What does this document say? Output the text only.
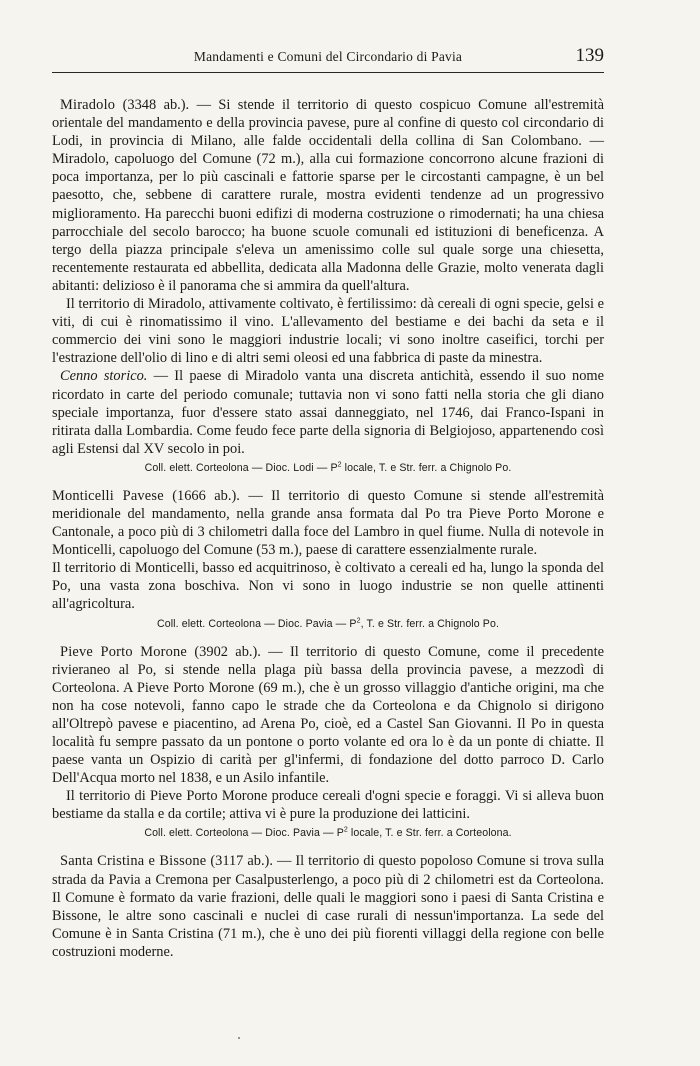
Mandamenti e Comuni del Circondario di Pavia	139

Miradolo (3348 ab.). — Si stende il territorio di questo cospicuo Comune all'estremità orientale del mandamento e della provincia pavese, pure al confine di questo col circondario di Lodi, in provincia di Milano, alle falde occidentali della collina di San Colombano. — Miradolo, capoluogo del Comune (72 m.), alla cui formazione concorrono alcune frazioni di poca importanza, per lo più cascinali e fattorie sparse per le circostanti campagne, è un bel paesotto, che, sebbene di carattere rurale, mostra evidenti tendenze ad un progressivo miglioramento. Ha parecchi buoni edifizi di moderna costruzione o rimodernati; ha una chiesa parrocchiale del secolo barocco; ha buone scuole comunali ed istituzioni di beneficenza. A tergo della piazza principale s'eleva un amenissimo colle sul quale sorge una chiesetta, recentemente restaurata ed abbellita, dedicata alla Madonna delle Grazie, molto venerata dagli abitanti: delizioso è il panorama che si ammira da quell'altura.

Il territorio di Miradolo, attivamente coltivato, è fertilissimo: dà cereali di ogni specie, gelsi e viti, di cui è rinomatissimo il vino. L'allevamento del bestiame e dei bachi da seta e il commercio dei vini sono le maggiori industrie locali; vi sono inoltre caseifici, torchi per l'estrazione dell'olio di lino e di altri semi oleosi ed una fabbrica di paste da minestra.

Cenno storico. — Il paese di Miradolo vanta una discreta antichità, essendo il suo nome ricordato in carte del periodo comunale; tuttavia non vi sono fatti nella storia che gli diano speciale importanza, fuor d'essere stato assai danneggiato, nel 1746, dai Franco-Ispani in ritirata dalla Lombardia. Come feudo fece parte della signoria di Belgiojoso, appartenendo così agli Estensi dal XV secolo in poi.

Coll. elett. Corteolona — Dioc. Lodi — $P^2$ locale, T. e Str. ferr. a Chignolo Po.

Monticelli Pavese (1666 ab.). — Il territorio di questo Comune si stende all'estremità meridionale del mandamento, nella grande ansa formata dal Po tra Pieve Porto Morone e Cantonale, a poco più di 3 chilometri dalla foce del Lambro in quel fiume. Nulla di notevole in Monticelli, capoluogo del Comune (53 m.), paese di carattere essenzialmente rurale.

Il territorio di Monticelli, basso ed acquitrinoso, è coltivato a cereali ed ha, lungo la sponda del Po, una vasta zona boschiva. Non vi sono in luogo industrie se non quelle attinenti all'agricoltura.

Coll. elett. Corteolona — Dioc. Pavia — $P^2$, T. e Str. ferr. a Chignolo Po.

Pieve Porto Morone (3902 ab.). — Il territorio di questo Comune, come il precedente rivieraneo al Po, si stende nella plaga più bassa della provincia pavese, a mezzodì di Corteolona. A Pieve Porto Morone (69 m.), che è un grosso villaggio d'antiche origini, ma che non ha cose notevoli, fanno capo le strade che da Corteolona e da Chignolo si dirigono all'Oltrepò pavese e piacentino, ad Arena Po, cioè, ed a Castel San Giovanni. Il Po in questa località fu sempre passato da un pontone o porto volante ed ora lo è da un ponte di chiatte. Il paese vanta un Ospizio di carità per gl'infermi, di fondazione del dotto parroco D. Carlo Dell'Acqua morto nel 1838, e un Asilo infantile.

Il territorio di Pieve Porto Morone produce cereali d'ogni specie e foraggi. Vi si alleva buon bestiame da stalla e da cortile; attiva vi è pure la produzione dei latticini.

Coll. elett. Corteolona — Dioc. Pavia — $P^2$ locale, T. e Str. ferr. a Corteolona.

Santa Cristina e Bissone (3117 ab.). — Il territorio di questo popoloso Comune si trova sulla strada da Pavia a Cremona per Casalpusterlengo, a poco più di 2 chilometri est da Corteolona. Il Comune è formato da varie frazioni, delle quali le maggiori sono i paesi di Santa Cristina e Bissone, le altre sono cascinali e nuclei di case rurali di nessun'importanza. La sede del Comune è in Santa Cristina (71 m.), che è uno dei più fiorenti villaggi della regione con belle costruzioni moderne.
